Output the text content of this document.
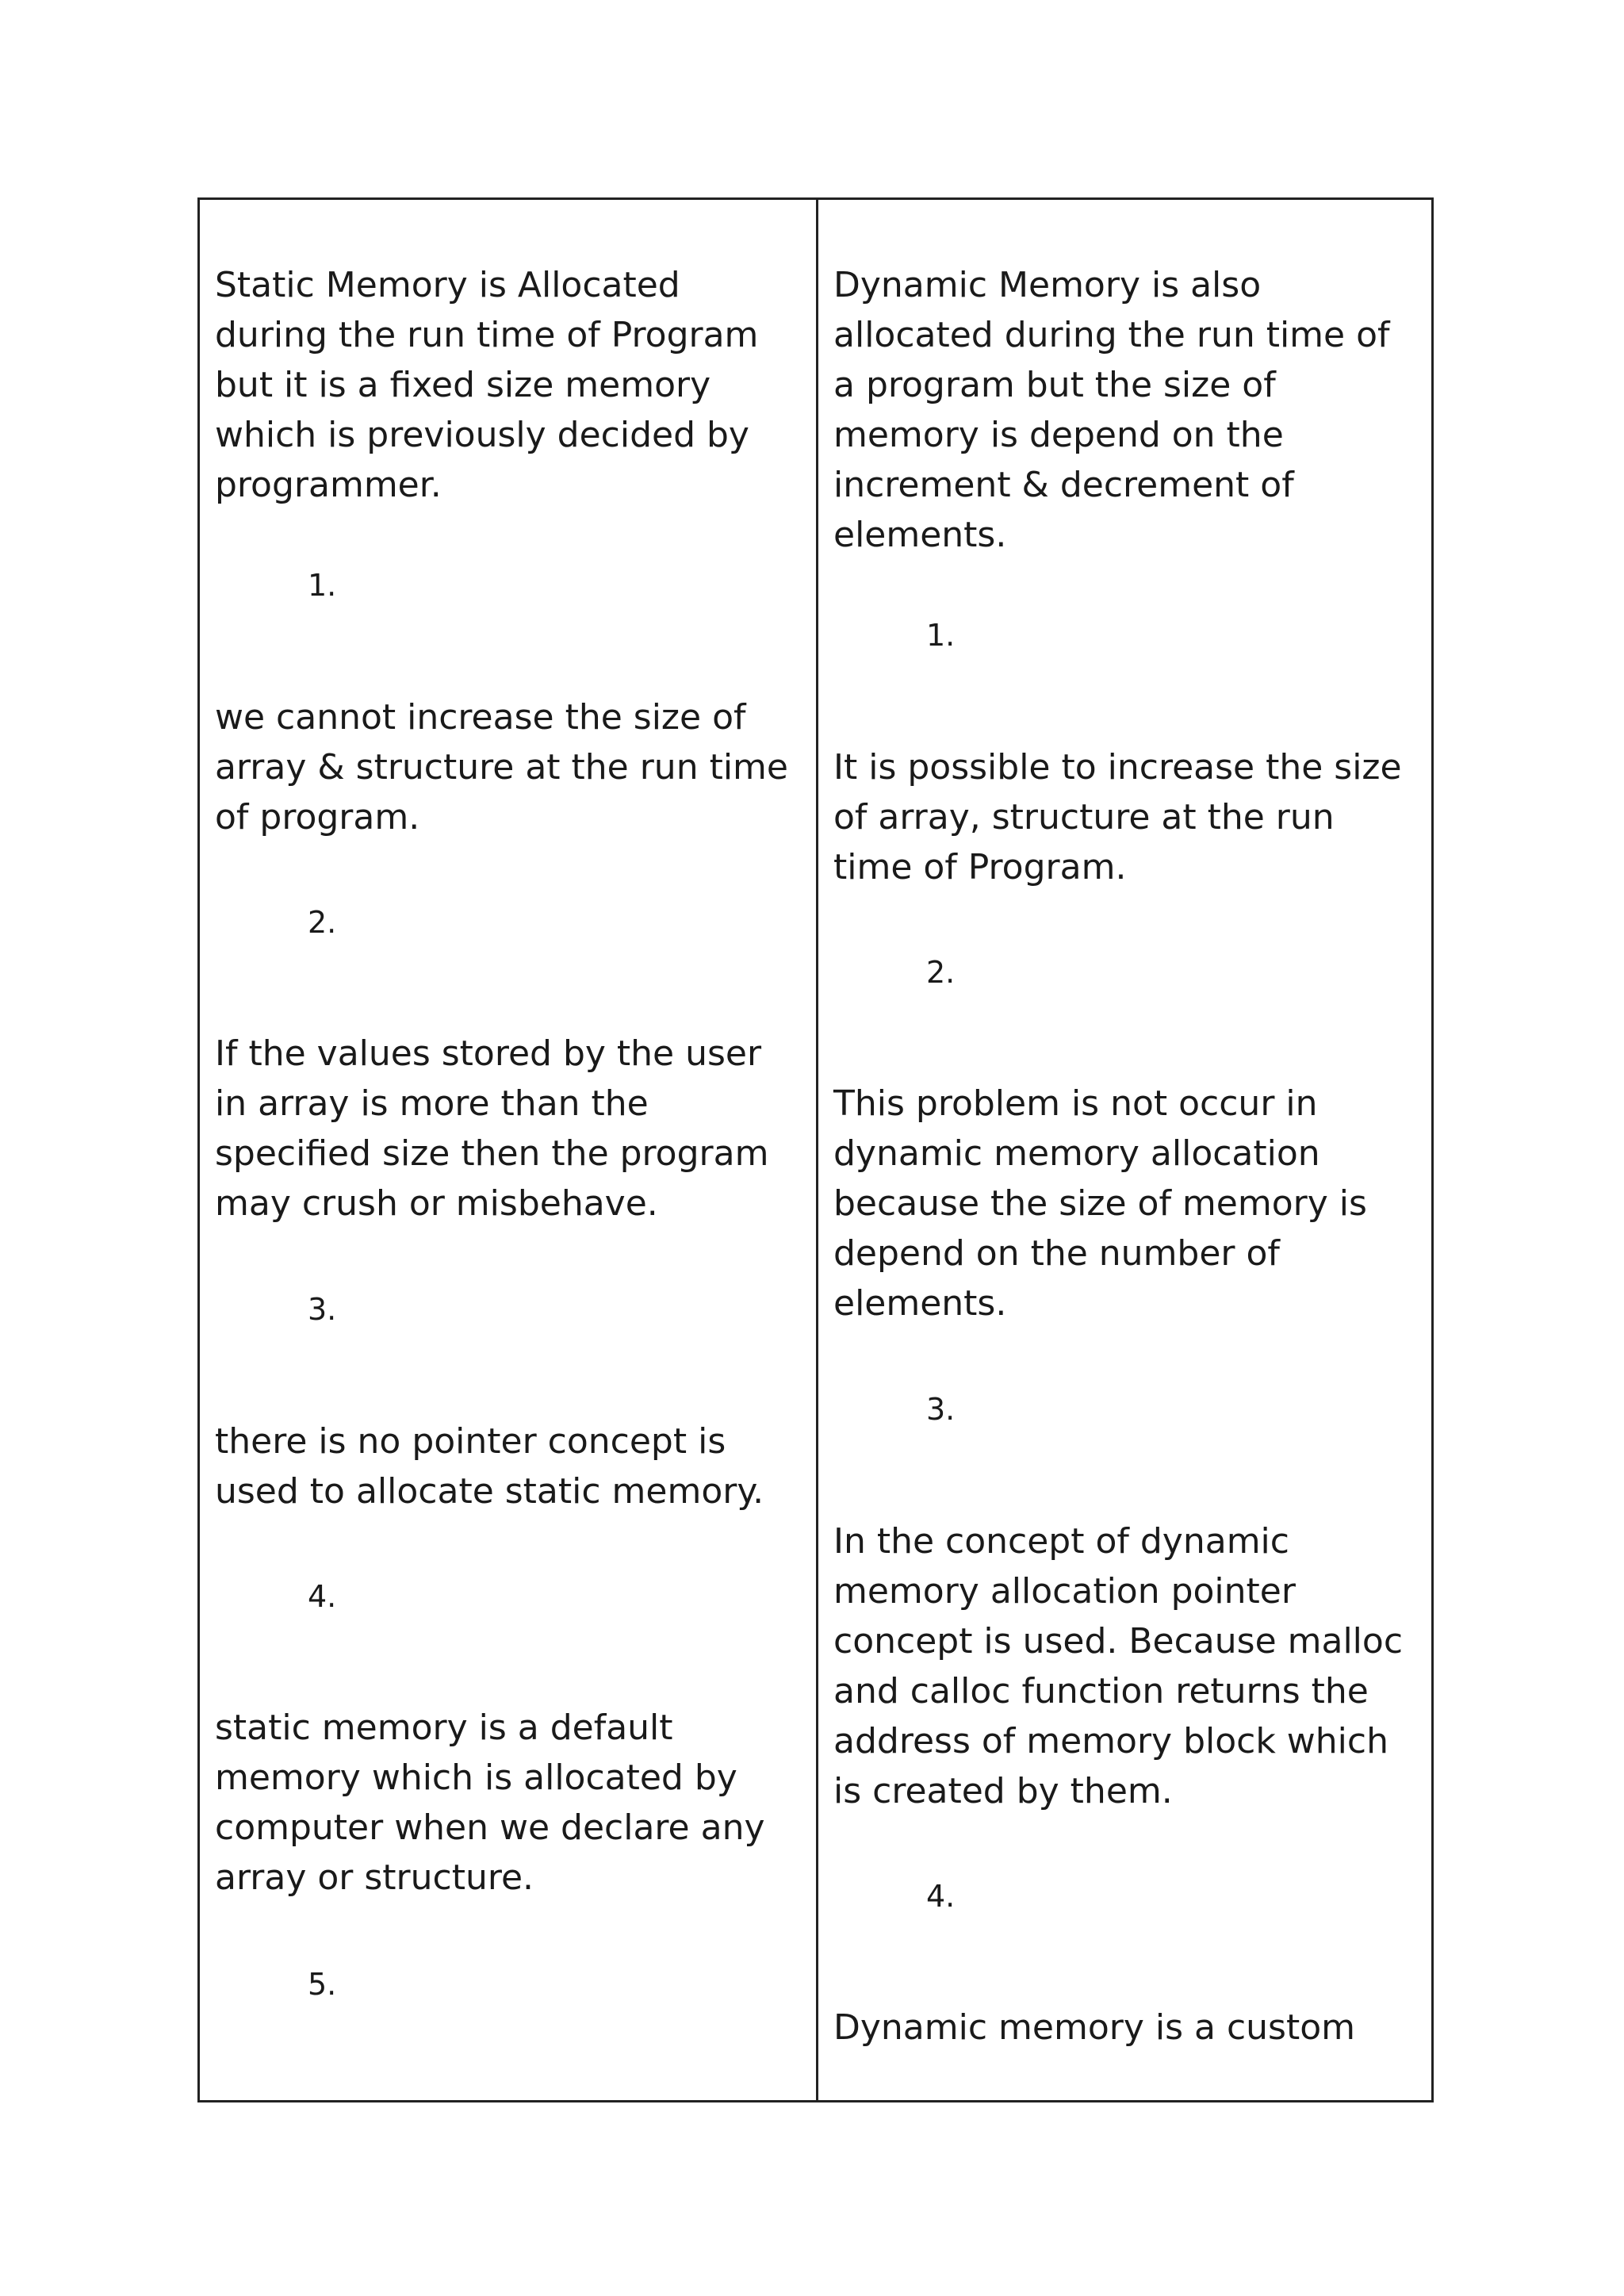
Static Memory is Allocated
during the run time of Program
but it is a fixed size memory
which is previously decided by
programmer.
1.
we cannot increase the size of
array & structure at the run time
of program.
2.
If the values stored by the user
in array is more than the
specified size then the program
may crush or misbehave.
3.
there is no pointer concept is
used to allocate static memory.
4.
static memory is a default
memory which is allocated by
computer when we declare any
array or structure.
5.
Dynamic Memory is also
allocated during the run time of
a program but the size of
memory is depend on the
increment & decrement of
elements.
1.
It is possible to increase the size
of array, structure at the run
time of Program.
2.
This problem is not occur in
dynamic memory allocation
because the size of memory is
depend on the number of
elements.
3.
In the concept of dynamic
memory allocation pointer
concept is used. Because malloc
and calloc function returns the
address of memory block which
is created by them.
4.
Dynamic memory is a custom
